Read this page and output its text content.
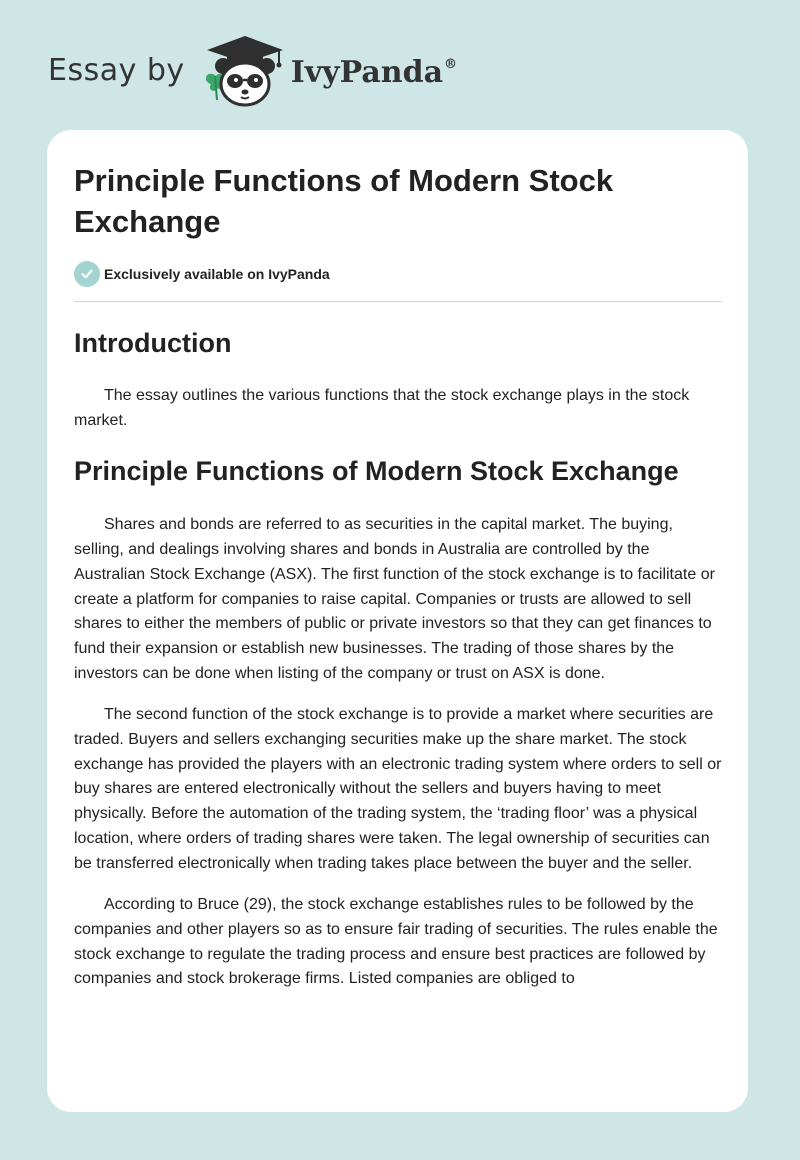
Essay by	IvyPanda®
Principle Functions of Modern Stock Exchange
Exclusively available on IvyPanda
Introduction

The essay outlines the various functions that the stock exchange plays in the stock market.

Principle Functions of Modern Stock Exchange

Shares and bonds are referred to as securities in the capital market. The buying, selling, and dealings involving shares and bonds in Australia are controlled by the Australian Stock Exchange (ASX). The first function of the stock exchange is to facilitate or create a platform for companies to raise capital. Companies or trusts are allowed to sell shares to either the members of public or private investors so that they can get finances to fund their expansion or establish new businesses. The trading of those shares by the investors can be done when listing of the company or trust on ASX is done.

The second function of the stock exchange is to provide a market where securities are traded. Buyers and sellers exchanging securities make up the share market. The stock exchange has provided the players with an electronic trading system where orders to sell or buy shares are entered electronically without the sellers and buyers having to meet physically. Before the automation of the trading system, the ‘trading floor’ was a physical location, where orders of trading shares were taken. The legal ownership of securities can be transferred electronically when trading takes place between the buyer and the seller.

According to Bruce (29), the stock exchange establishes rules to be followed by the companies and other players so as to ensure fair trading of securities. The rules enable the stock exchange to regulate the trading process and ensure best practices are followed by companies and stock brokerage firms. Listed companies are obliged to
